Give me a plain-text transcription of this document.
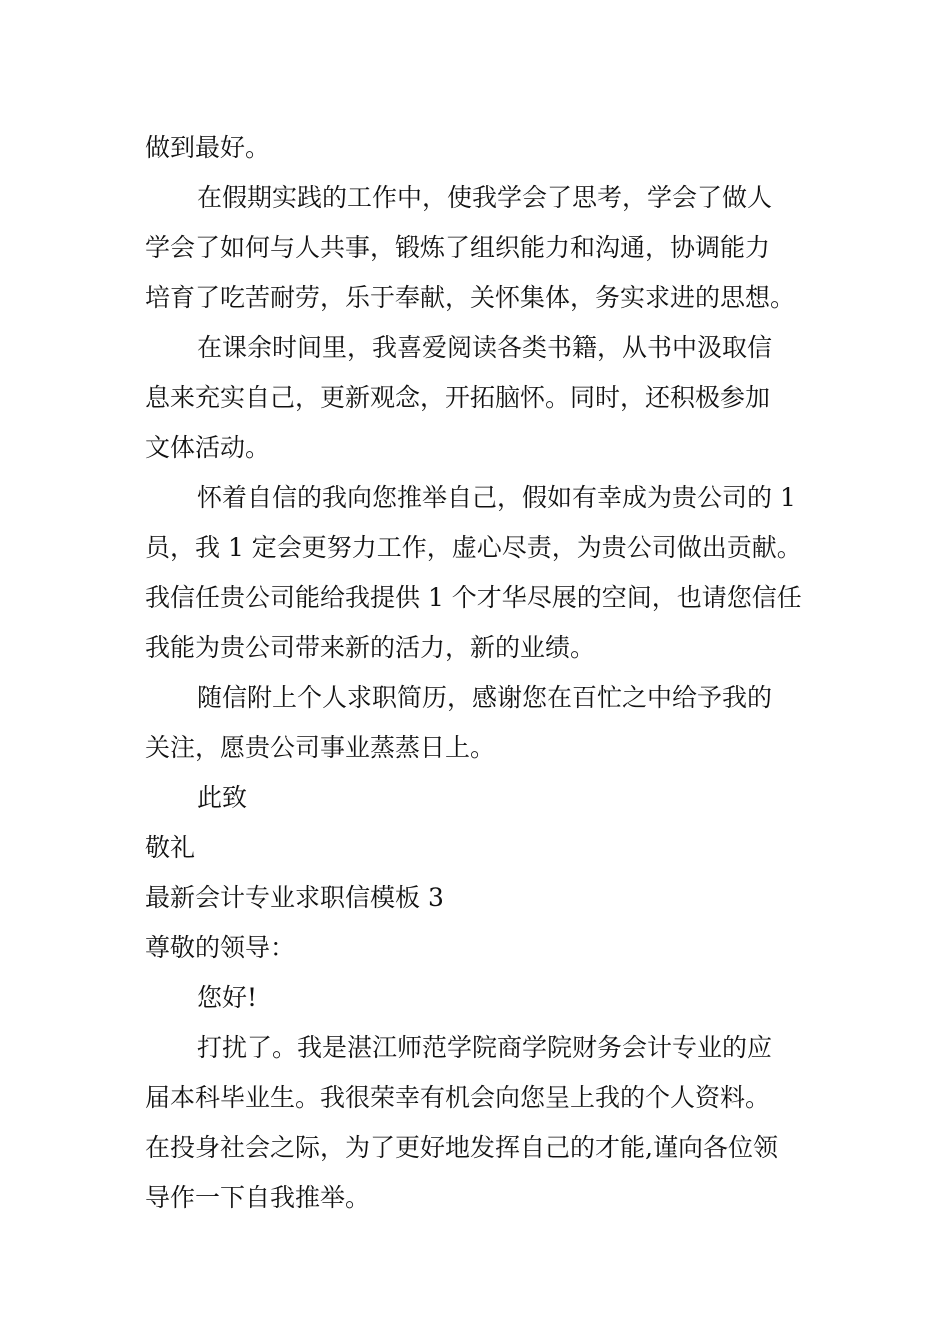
做到最好。
在假期实践的工作中，使我学会了思考，学会了做人
学会了如何与人共事，锻炼了组织能力和沟通，协调能力
培育了吃苦耐劳，乐于奉献，关怀集体，务实求进的思想。
在课余时间里，我喜爱阅读各类书籍，从书中汲取信
息来充实自己，更新观念，开拓脑怀。同时，还积极参加
文体活动。
怀着自信的我向您推举自己，假如有幸成为贵公司的 1
员，我 1 定会更努力工作，虚心尽责，为贵公司做出贡献。
我信任贵公司能给我提供 1 个才华尽展的空间，也请您信任
我能为贵公司带来新的活力，新的业绩。
随信附上个人求职简历，感谢您在百忙之中给予我的
关注，愿贵公司事业蒸蒸日上。
此致
敬礼
最新会计专业求职信模板 3
尊敬的领导：
您好!
打扰了。我是湛江师范学院商学院财务会计专业的应
届本科毕业生。我很荣幸有机会向您呈上我的个人资料。
在投身社会之际，为了更好地发挥自己的才能,谨向各位领
导作一下自我推举。
